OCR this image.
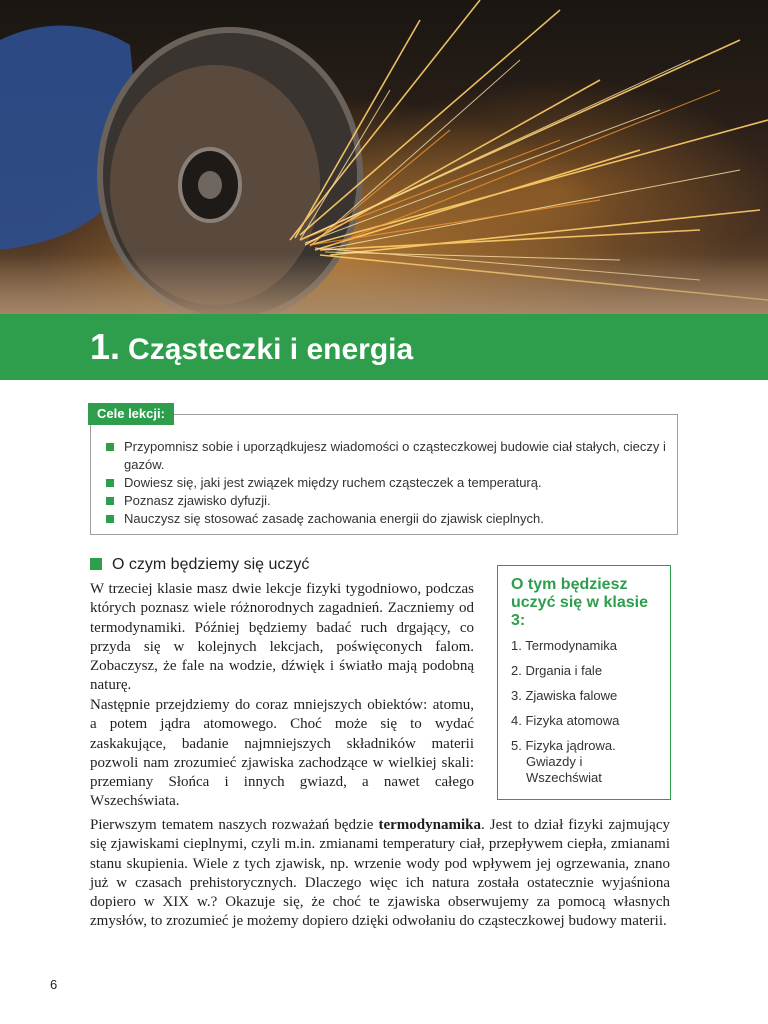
1. Cząsteczki i energia
Cele lekcji:
Przypomnisz sobie i uporządkujesz wiadomości o cząsteczkowej budowie ciał stałych, cieczy i gazów.
Dowiesz się, jaki jest związek między ruchem cząsteczek a temperaturą.
Poznasz zjawisko dyfuzji.
Nauczysz się stosować zasadę zachowania energii do zjawisk cieplnych.
O czym będziemy się uczyć

W trzeciej klasie masz dwie lekcje fizyki tygodniowo, podczas których poznasz wiele różnorodnych zagadnień. Zaczniemy od termodynamiki. Później będziemy badać ruch drgający, co przyda się w kolejnych lekcjach, poświęconych falom. Zobaczysz, że fale na wodzie, dźwięk i światło mają podobną naturę.

Następnie przejdziemy do coraz mniejszych obiektów: atomu, a potem jądra atomowego. Choć może się to wydać zaskakujące, badanie najmniejszych składników materii pozwoli nam zrozumieć zjawiska zachodzące w wielkiej skali: przemiany Słońca i innych gwiazd, a nawet całego Wszechświata.

Pierwszym tematem naszych rozważań będzie termodynamika. Jest to dział fizyki zajmujący się zjawiskami cieplnymi, czyli m.in. zmianami temperatury ciał, przepływem ciepła, zmianami stanu skupienia. Wiele z tych zjawisk, np. wrzenie wody pod wpływem jej ogrzewania, znano już w czasach prehistorycznych. Dlaczego więc ich natura została ostatecznie wyjaśniona dopiero w XIX w.? Okazuje się, że choć te zjawiska obserwujemy za pomocą własnych zmysłów, to zrozumieć je możemy dopiero dzięki odwołaniu do cząsteczkowej budowy materii.

O tym będziesz uczyć się w klasie 3:
1. Termodynamika
2. Drgania i fale
3. Zjawiska falowe
4. Fizyka atomowa
5. Fizyka jądrowa. Gwiazdy i Wszechświat
6
